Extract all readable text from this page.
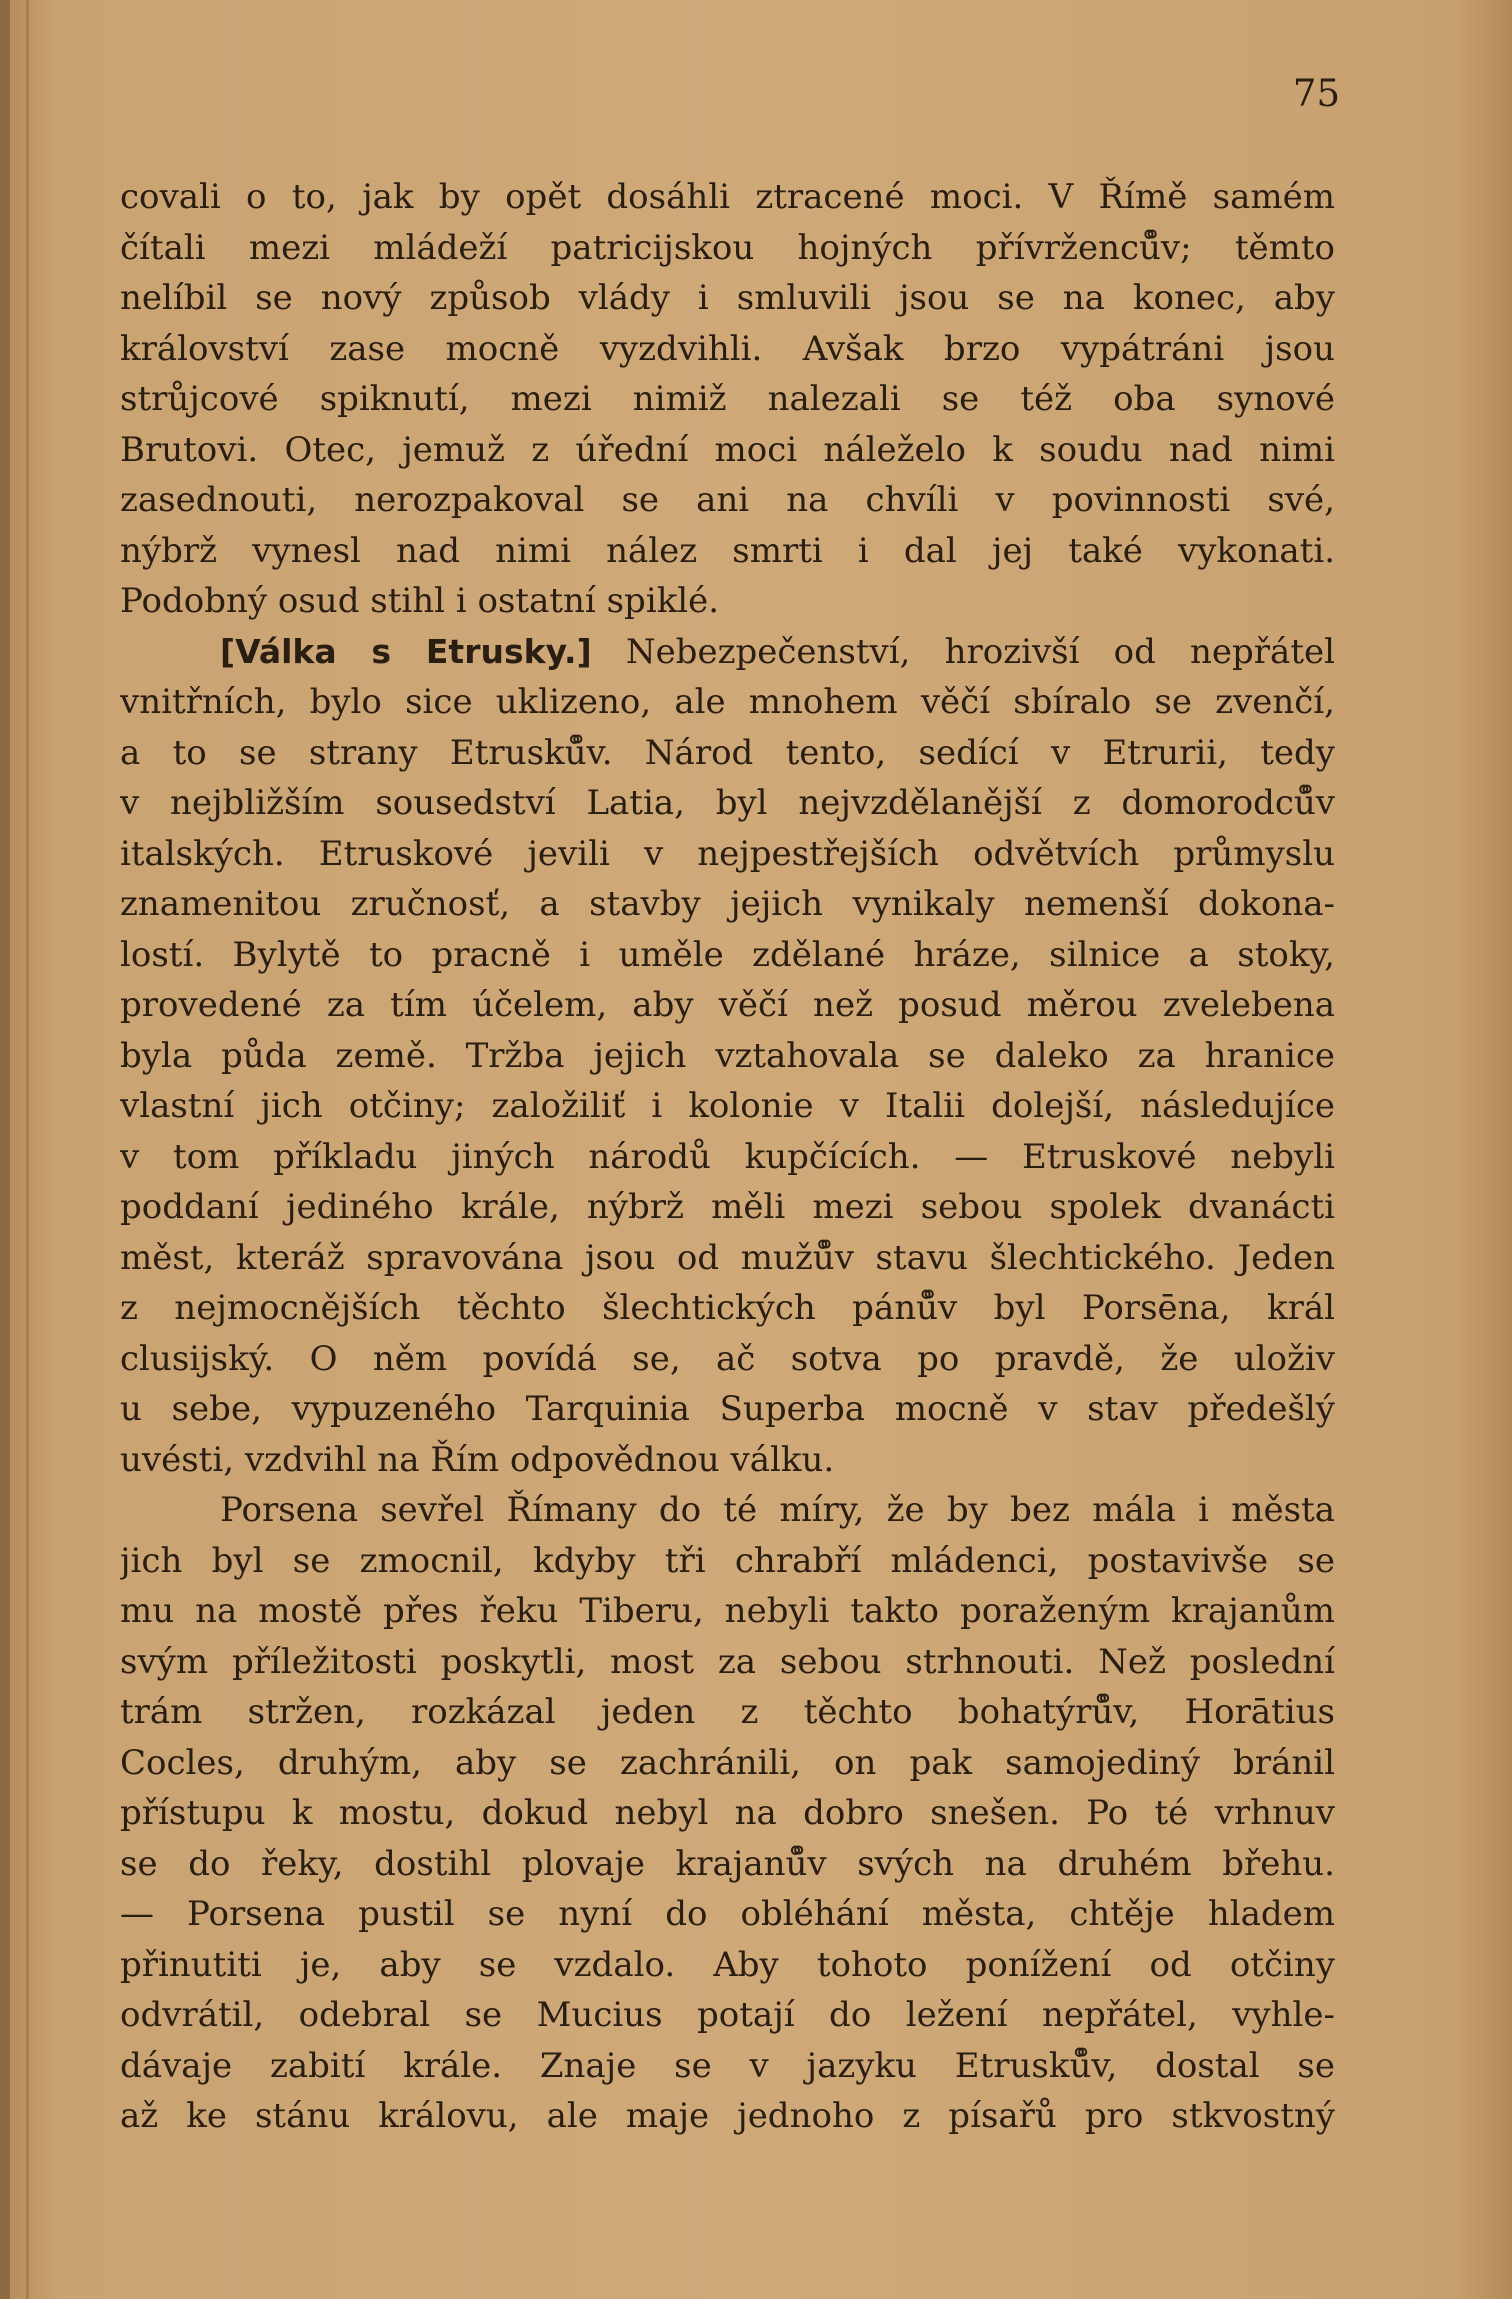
75
covali o to, jak by opět dosáhli ztracené moci. V Římě samém
čítali mezi mládeží patricijskou hojných přívrženců̊v; těmto
nelíbil se nový způsob vlády i smluvili jsou se na konec, aby
království zase mocně vyzdvihli. Avšak brzo vypátráni jsou
strůjcové spiknutí, mezi nimiž nalezali se též oba synové
Brutovi. Otec, jemuž z úřední moci náleželo k soudu nad nimi
zasednouti, nerozpakoval se ani na chvíli v povinnosti své,
nýbrž vynesl nad nimi nález smrti i dal jej také vykonati.
Podobný osud stihl i ostatní spiklé.
[Válka s Etrusky.] Nebezpečenství, hrozivší od nepřátel
vnitřních, bylo sice uklizeno, ale mnohem věčí sbíralo se zvenčí,
a to se strany Etrusků̊v. Národ tento, sedící v Etrurii, tedy
v nejbližším sousedství Latia, byl nejvzdělanější z domorodců̊v
italských. Etruskové jevili v nejpestřejších odvětvích průmyslu
znamenitou zručnosť, a stavby jejich vynikaly nemenší dokona-
lostí. Bylytě to pracně i uměle zdělané hráze, silnice a stoky,
provedené za tím účelem, aby věčí než posud měrou zvelebena
byla půda země. Tržba jejich vztahovala se daleko za hranice
vlastní jich otčiny; založiliť i kolonie v Italii dolejší, následujíce
v tom příkladu jiných národů kupčících. — Etruskové nebyli
poddaní jediného krále, nýbrž měli mezi sebou spolek dvanácti
měst, kteráž spravována jsou od mužů̊v stavu šlechtického. Jeden
z nejmocnějších těchto šlechtických pánů̊v byl Porsēna, král
clusijský. O něm povídá se, ač sotva po pravdě, že uloživ
u sebe, vypuzeného Tarquinia Superba mocně v stav předešlý
uvésti, vzdvihl na Řím odpovědnou válku.
Porsena sevřel Římany do té míry, že by bez mála i města
jich byl se zmocnil, kdyby tři chrabří mládenci, postavivše se
mu na mostě přes řeku Tiberu, nebyli takto poraženým krajanům
svým příležitosti poskytli, most za sebou strhnouti. Než poslední
trám stržen, rozkázal jeden z těchto bohatýrů̊v, Horātius
Cocles, druhým, aby se zachránili, on pak samojediný bránil
přístupu k mostu, dokud nebyl na dobro snešen. Po té vrhnuv
se do řeky, dostihl plovaje krajanů̊v svých na druhém břehu.
— Porsena pustil se nyní do obléhání města, chtěje hladem
přinutiti je, aby se vzdalo. Aby tohoto ponížení od otčiny
odvrátil, odebral se Mucius potají do ležení nepřátel, vyhle-
dávaje zabití krále. Znaje se v jazyku Etrusků̊v, dostal se
až ke stánu královu, ale maje jednoho z písařů pro stkvostný
